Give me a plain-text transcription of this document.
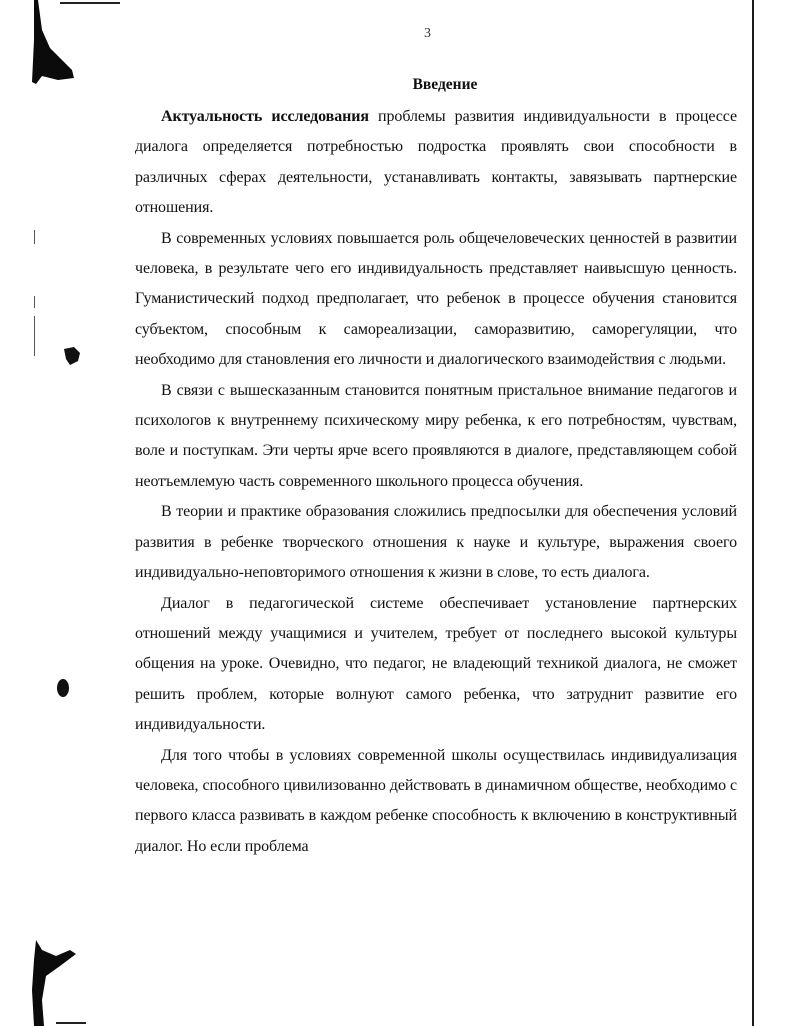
3
Введение

Актуальность исследования проблемы развития индивидуальности в процессе диалога определяется потребностью подростка проявлять свои способности в различных сферах деятельности, устанавливать контакты, завязывать партнерские отношения.

В современных условиях повышается роль общечеловеческих ценностей в развитии человека, в результате чего его индивидуальность представляет наивысшую ценность. Гуманистический подход предполагает, что ребенок в процессе обучения становится субъектом, способным к самореализации, саморазвитию, саморегуляции, что необходимо для становления его личности и диалогического взаимодействия с людьми.

В связи с вышесказанным становится понятным пристальное внимание педагогов и психологов к внутреннему психическому миру ребенка, к его потребностям, чувствам, воле и поступкам. Эти черты ярче всего проявляются в диалоге, представляющем собой неотъемлемую часть современного школьного процесса обучения.

В теории и практике образования сложились предпосылки для обеспечения условий развития в ребенке творческого отношения к науке и культуре, выражения своего индивидуально-неповторимого отношения к жизни в слове, то есть диалога.

Диалог в педагогической системе обеспечивает установление партнерских отношений между учащимися и учителем, требует от последнего высокой культуры общения на уроке. Очевидно, что педагог, не владеющий техникой диалога, не сможет решить проблем, которые волнуют самого ребенка, что затруднит развитие его индивидуальности.

Для того чтобы в условиях современной школы осуществилась индивидуализация человека, способного цивилизованно действовать в динамичном обществе, необходимо с первого класса развивать в каждом ребенке способность к включению в конструктивный диалог. Но если проблема
